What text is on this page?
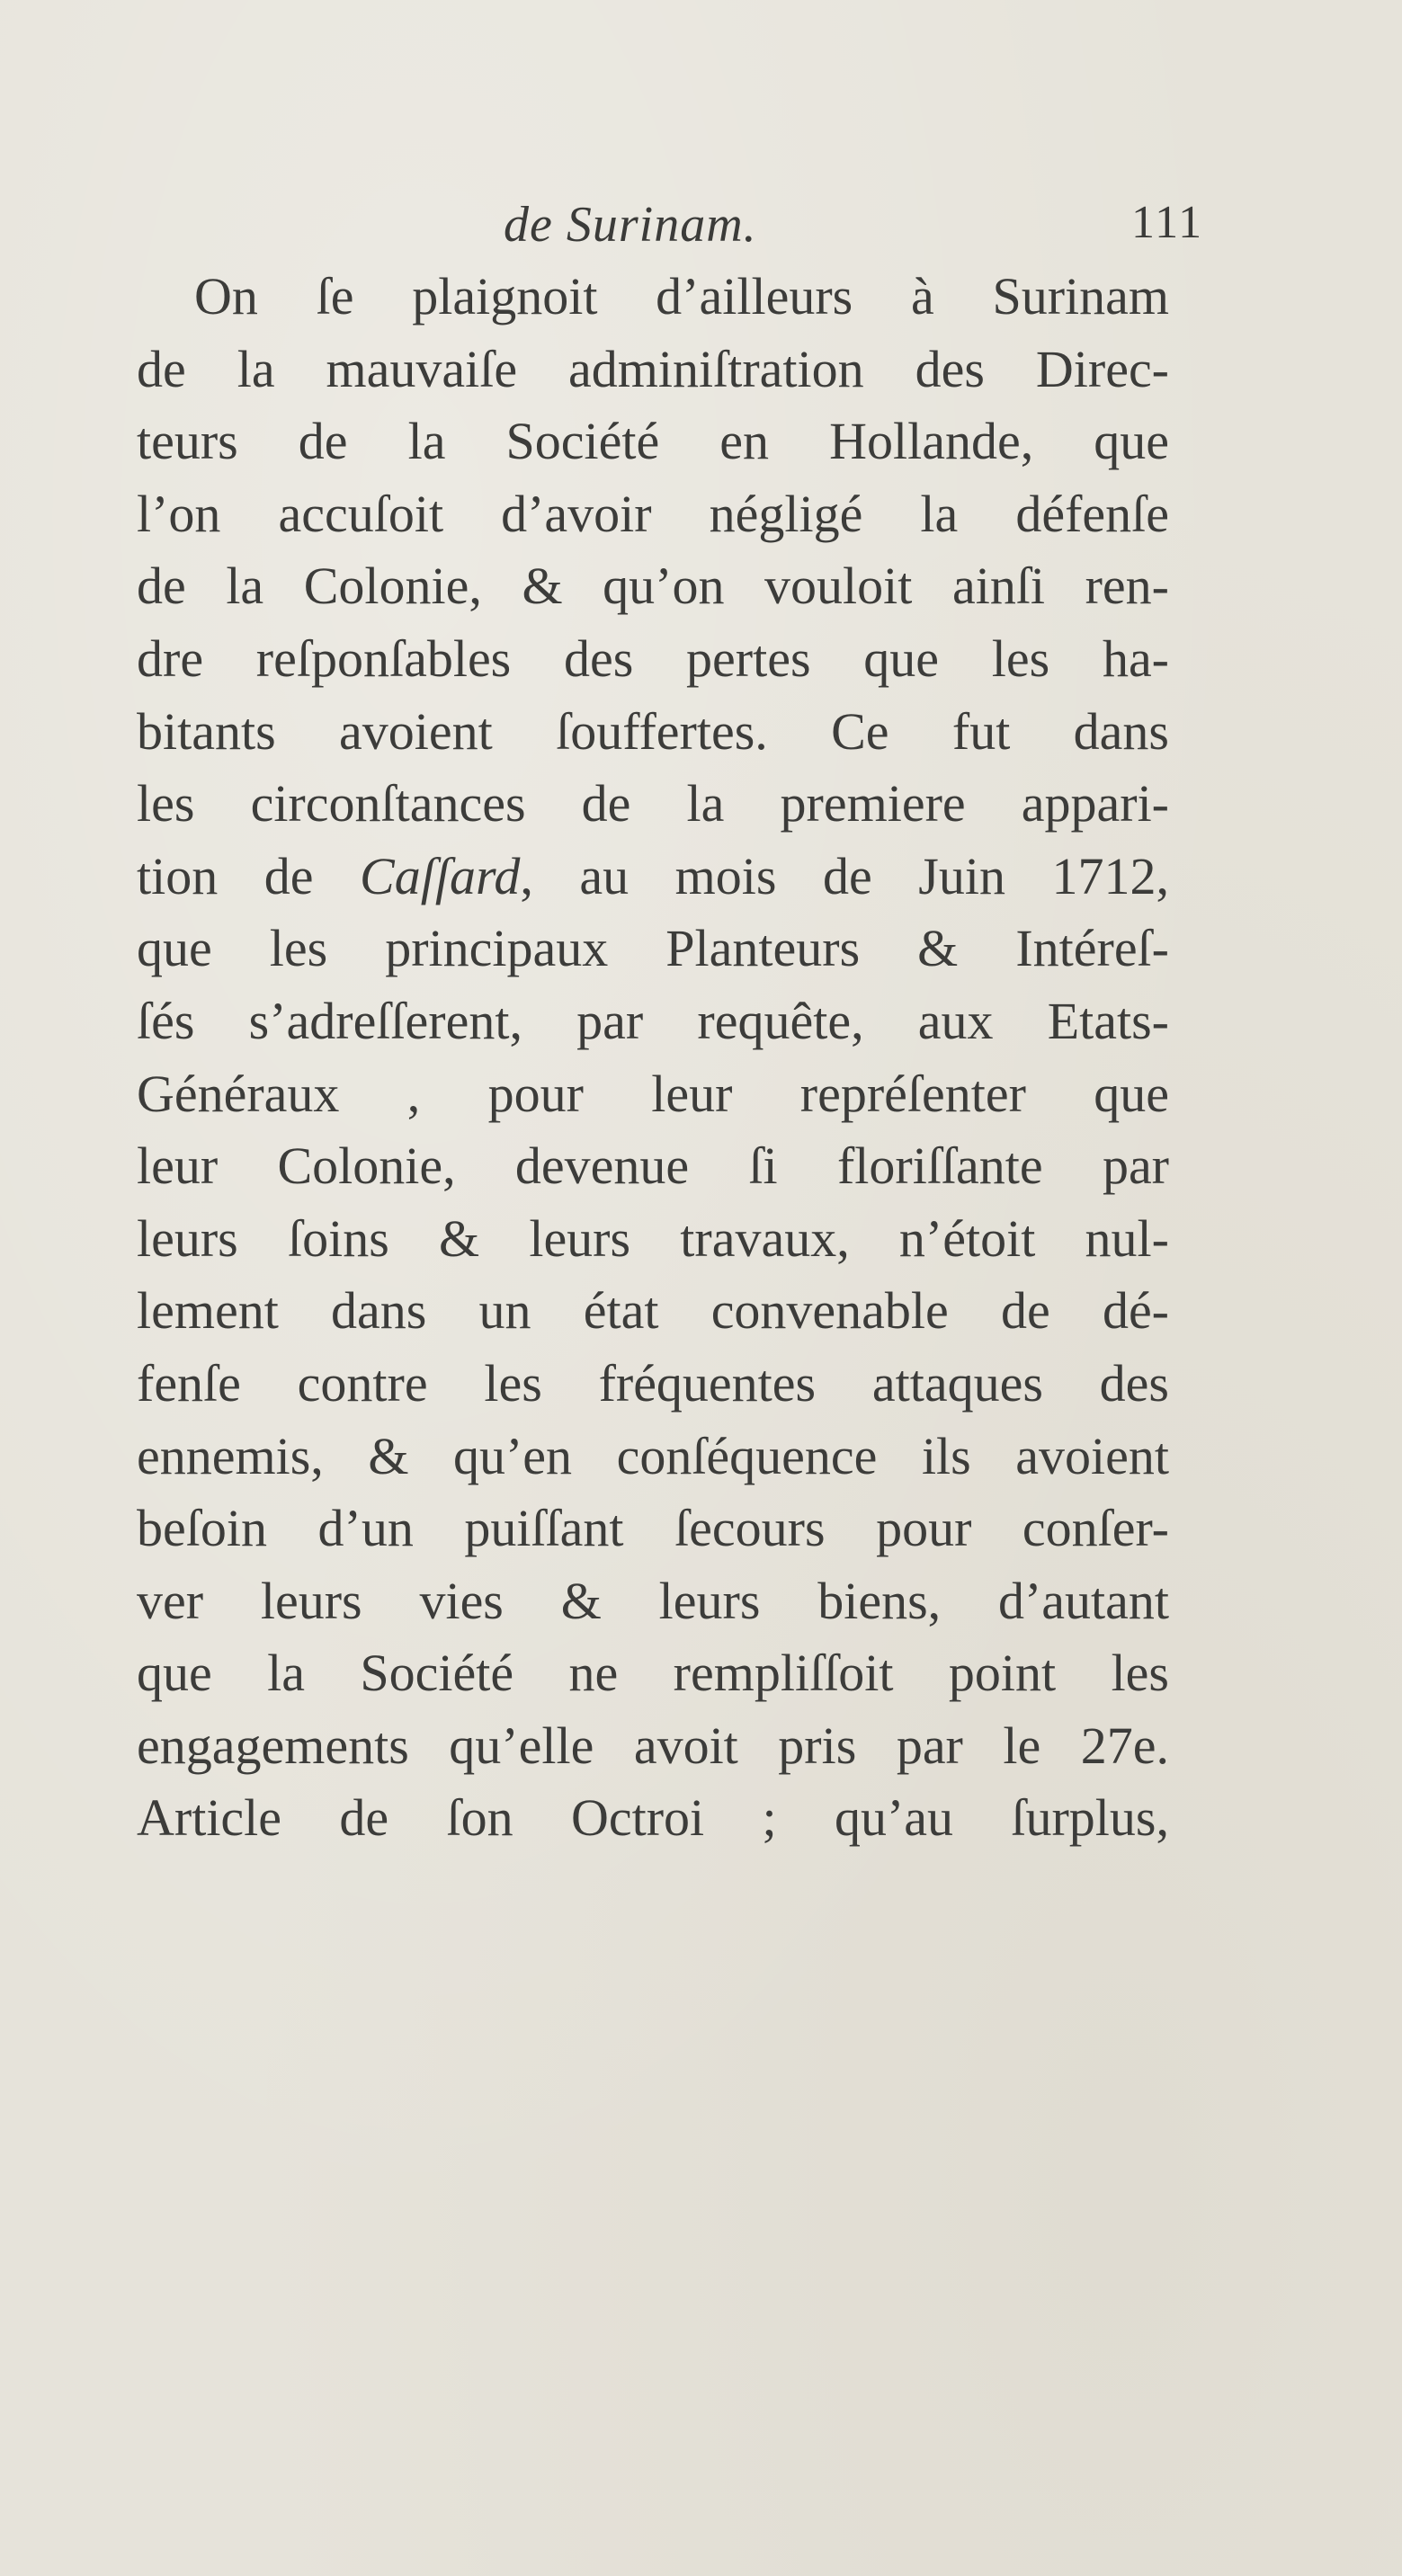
de Surinam.	111
On ſe plaignoit d’ailleurs à Surinam
de la mauvaiſe adminiſtration des Direc-
teurs de la Société en Hollande, que
l’on accuſoit d’avoir négligé la défenſe
de la Colonie, & qu’on vouloit ainſi ren-
dre reſponſables des pertes que les ha-
bitants avoient ſouffertes. Ce fut dans
les circonſtances de la premiere appari-
tion de Caſſard, au mois de Juin 1712,
que les principaux Planteurs & Intéreſ-
ſés s’adreſſerent, par requête, aux Etats-
Généraux , pour leur repréſenter que
leur Colonie, devenue ſi floriſſante par
leurs ſoins & leurs travaux, n’étoit nul-
lement dans un état convenable de dé-
fenſe contre les fréquentes attaques des
ennemis, & qu’en conſéquence ils avoient
beſoin d’un puiſſant ſecours pour conſer-
ver leurs vies & leurs biens, d’autant
que la Société ne rempliſſoit point les
engagements qu’elle avoit pris par le 27e.
Article de ſon Octroi ; qu’au ſurplus,
